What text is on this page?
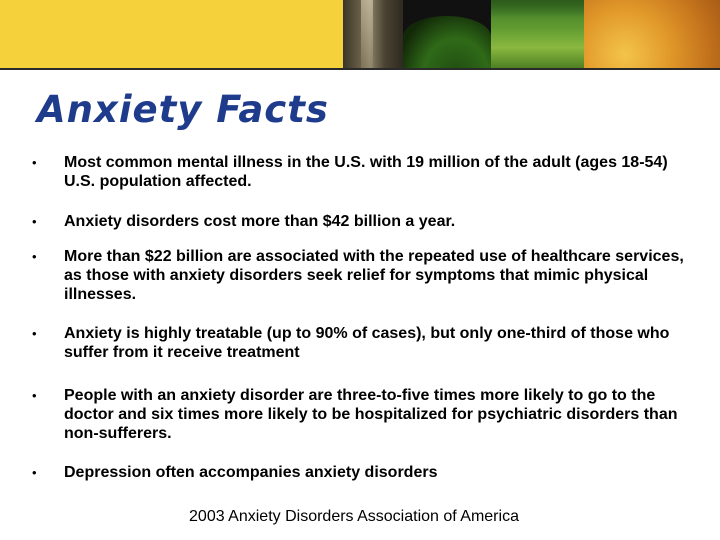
Anxiety Facts
• Most common mental illness in the U.S. with 19 million of the adult (ages 18-54) U.S. population affected.
• Anxiety disorders cost more than $42 billion a year.
• More than $22 billion are associated with the repeated use of healthcare services, as those with anxiety disorders seek relief for symptoms that mimic physical illnesses.
• Anxiety is highly treatable (up to 90% of cases), but only one-third of those who suffer from it receive treatment
• People with an anxiety disorder are three-to-five times more likely to go to the doctor and six times more likely to be hospitalized for psychiatric disorders than non-sufferers.
• Depression often accompanies anxiety disorders
2003 Anxiety Disorders Association of America
